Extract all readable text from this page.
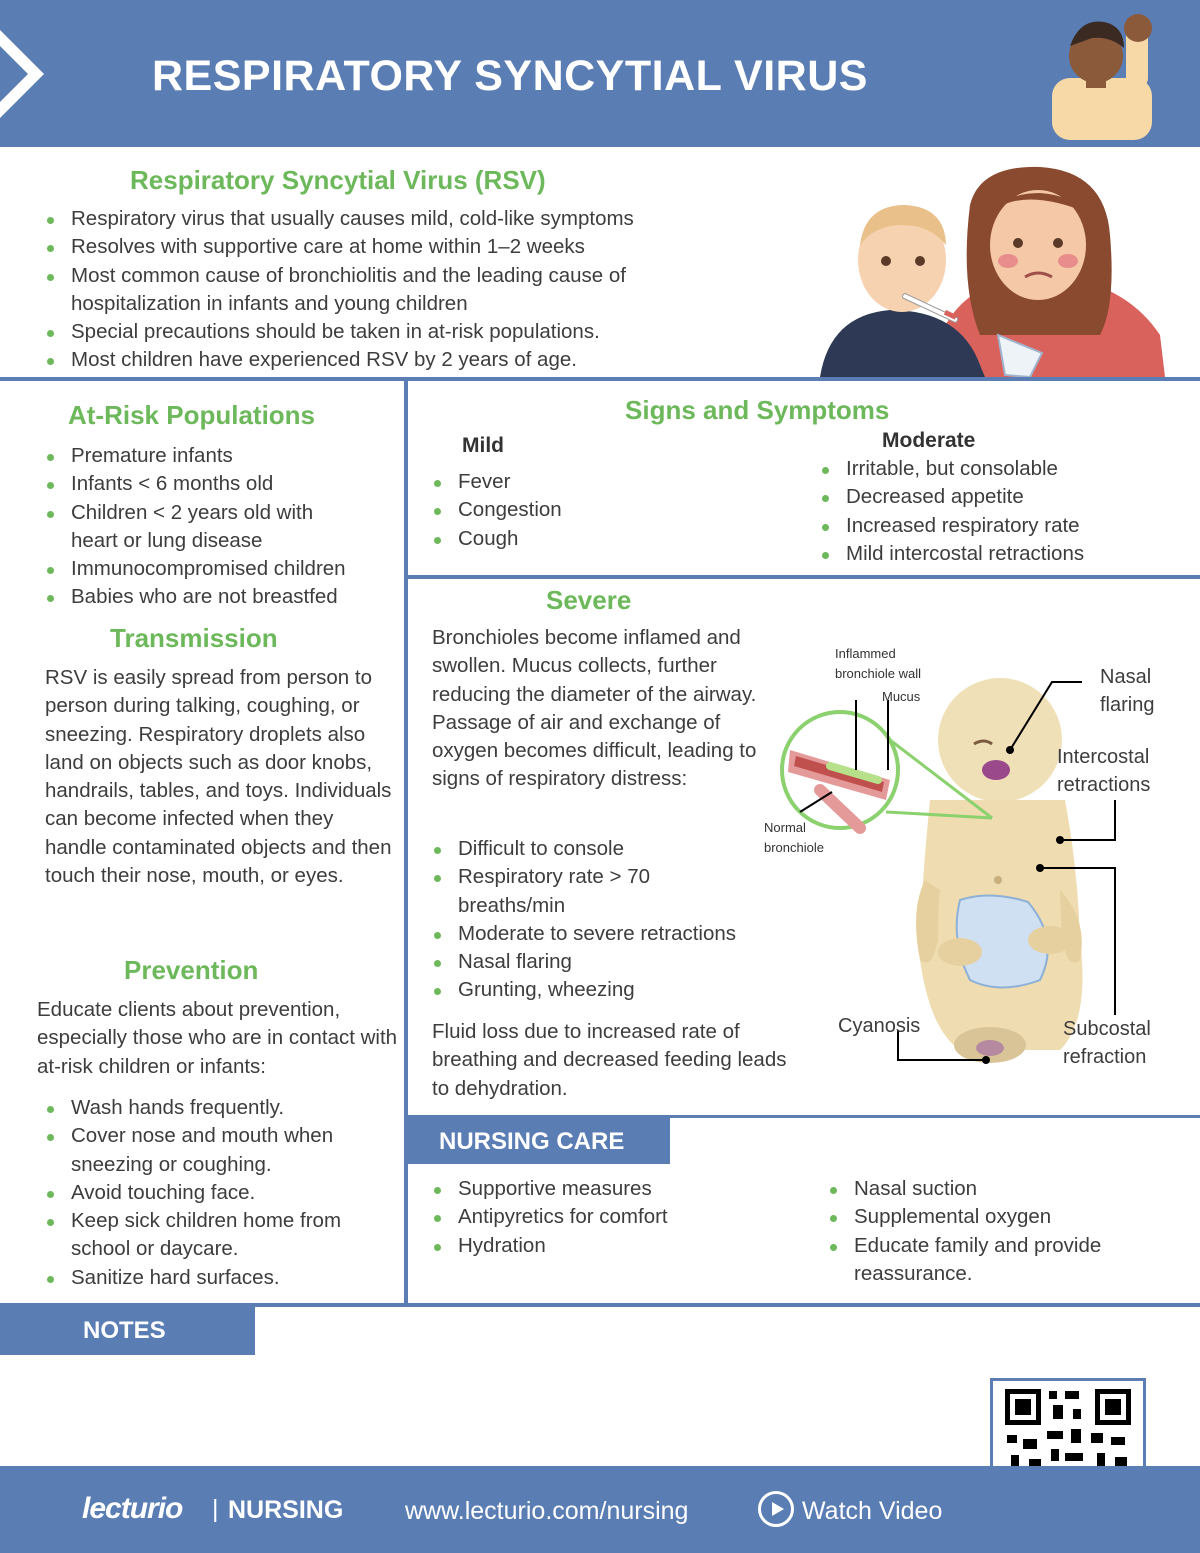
RESPIRATORY SYNCYTIAL VIRUS
Respiratory Syncytial Virus (RSV)
Respiratory virus that usually causes mild, cold-like symptoms
Resolves with supportive care at home within 1–2 weeks
Most common cause of bronchiolitis and the leading cause of hospitalization in infants and young children
Special precautions should be taken in at-risk populations.
Most children have experienced RSV by 2 years of age.
At-Risk Populations
Premature infants
Infants < 6 months old
Children < 2 years old with heart or lung disease
Immunocompromised children
Babies who are not breastfed
Transmission
RSV is easily spread from person to person during talking, coughing, or sneezing. Respiratory droplets also land on objects such as door knobs, handrails, tables, and toys. Individuals can become infected when they handle contaminated objects and then touch their nose, mouth, or eyes.
Prevention
Educate clients about prevention, especially those who are in contact with at-risk children or infants:
Wash hands frequently.
Cover nose and mouth when sneezing or coughing.
Avoid touching face.
Keep sick children home from school or daycare.
Sanitize hard surfaces.
Signs and Symptoms
Mild
Fever
Congestion
Cough
Moderate
Irritable, but consolable
Decreased appetite
Increased respiratory rate
Mild intercostal retractions
Severe
Bronchioles become inflamed and swollen. Mucus collects, further reducing the diameter of the airway. Passage of air and exchange of oxygen becomes difficult, leading to signs of respiratory distress:
Difficult to console
Respiratory rate > 70 breaths/min
Moderate to severe retractions
Nasal flaring
Grunting, wheezing
Fluid loss due to increased rate of breathing and decreased feeding leads to dehydration.
Inflammed bronchiole wall
Mucus
Normal bronchiole
Nasal flaring
Intercostal retractions
Cyanosis	Subcostal refraction
NURSING CARE
Supportive measures
Antipyretics for comfort
Hydration
Nasal suction
Supplemental oxygen
Educate family and provide reassurance.
NOTES
lecturio | NURSING www.lecturio.com/nursing	Watch Video
